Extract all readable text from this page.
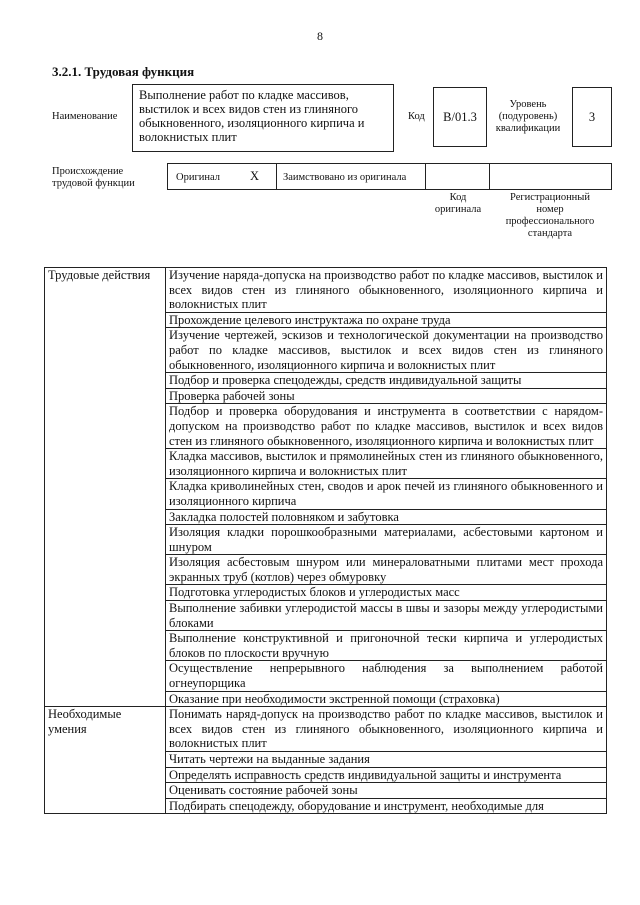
8
3.2.1. Трудовая функция
Наименование
Выполнение работ по кладке массивов, выстилок и всех видов стен из глиняного обыкновенного, изоляционного кирпича и волокнистых плит
Код	B/01.3
Уровень (подуровень) квалификации
3
Происхождение трудовой функции
Оригинал X Заимствовано из оригинала
Код оригинала
Регистрационный номер профессионального стандарта
Трудовые действия	Изучение наряда-допуска на производство работ по кладке массивов, выстилок и всех видов стен из глиняного обыкновенного, изоляционного кирпича и волокнистых плит
	Прохождение целевого инструктажа по охране труда
	Изучение чертежей, эскизов и технологической документации на производство работ по кладке массивов, выстилок и всех видов стен из глиняного обыкновенного, изоляционного кирпича и волокнистых плит
	Подбор и проверка спецодежды, средств индивидуальной защиты
	Проверка рабочей зоны
	Подбор и проверка оборудования и инструмента в соответствии с нарядом-допуском на производство работ по кладке массивов, выстилок и всех видов стен из глиняного обыкновенного, изоляционного кирпича и волокнистых плит
	Кладка массивов, выстилок и прямолинейных стен из глиняного обыкновенного, изоляционного кирпича и волокнистых плит
	Кладка криволинейных стен, сводов и арок печей из глиняного обыкновенного и изоляционного кирпича
	Закладка полостей половняком и забутовка
	Изоляция кладки порошкообразными материалами, асбестовыми картоном и шнуром
	Изоляция асбестовым шнуром или минераловатными плитами мест прохода экранных труб (котлов) через обмуровку
	Подготовка углеродистых блоков и углеродистых масс
	Выполнение забивки углеродистой массы в швы и зазоры между углеродистыми блоками
	Выполнение конструктивной и пригоночной тески кирпича и углеродистых блоков по плоскости вручную
	Осуществление непрерывного наблюдения за выполнением работой огнеупорщика
	Оказание при необходимости экстренной помощи (страховка)
Необходимые умения	Понимать наряд-допуск на производство работ по кладке массивов, выстилок и всех видов стен из глиняного обыкновенного, изоляционного кирпича и волокнистых плит
	Читать чертежи на выданные задания
	Определять исправность средств индивидуальной защиты и инструмента
	Оценивать состояние рабочей зоны
	Подбирать спецодежду, оборудование и инструмент, необходимые для
